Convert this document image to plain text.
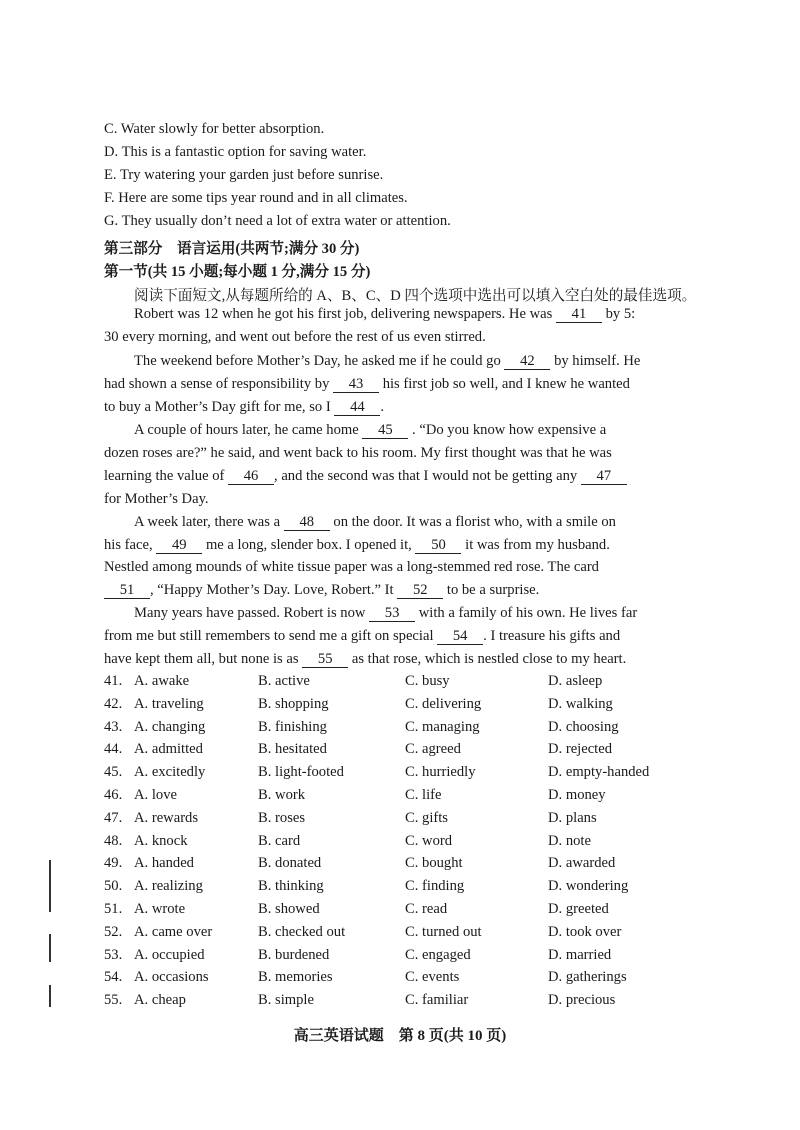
C. Water slowly for better absorption.
D. This is a fantastic option for saving water.
E. Try watering your garden just before sunrise.
F. Here are some tips year round and in all climates.
G. They usually don’t need a lot of extra water or attention.
第三部分　语言运用(共两节;满分 30 分)
第一节(共 15 小题;每小题 1 分,满分 15 分)
阅读下面短文,从每题所给的 A、B、C、D 四个选项中选出可以填入空白处的最佳选项。
Robert was 12 when he got his first job, delivering newspapers. He was 41 by 5:
30 every morning, and went out before the rest of us even stirred.
The weekend before Mother’s Day, he asked me if he could go 42 by himself. He
had shown a sense of responsibility by 43 his first job so well, and I knew he wanted
to buy a Mother’s Day gift for me, so I 44 .
A couple of hours later, he came home 45 . “Do you know how expensive a
dozen roses are?” he said, and went back to his room. My first thought was that he was
learning the value of 46 , and the second was that I would not be getting any 47
for Mother’s Day.
A week later, there was a 48 on the door. It was a florist who, with a smile on
his face, 49 me a long, slender box. I opened it, 50 it was from my husband.
Nestled among mounds of white tissue paper was a long-stemmed red rose. The card
51 , “Happy Mother’s Day. Love, Robert.” It 52 to be a surprise.
Many years have passed. Robert is now 53 with a family of his own. He lives far
from me but still remembers to send me a gift on special 54 . I treasure his gifts and
have kept them all, but none is as 55 as that rose, which is nestled close to my heart.
41. A. awake	B. active	C. busy	D. asleep
42. A. traveling	B. shopping	C. delivering	D. walking
43. A. changing	B. finishing	C. managing	D. choosing
44. A. admitted	B. hesitated	C. agreed	D. rejected
45. A. excitedly	B. light-footed	C. hurriedly	D. empty-handed
46. A. love	B. work	C. life	D. money
47. A. rewards	B. roses	C. gifts	D. plans
48. A. knock	B. card	C. word	D. note
49. A. handed	B. donated	C. bought	D. awarded
50. A. realizing	B. thinking	C. finding	D. wondering
51. A. wrote	B. showed	C. read	D. greeted
52. A. came over	B. checked out	C. turned out	D. took over
53. A. occupied	B. burdened	C. engaged	D. married
54. A. occasions	B. memories	C. events	D. gatherings
55. A. cheap	B. simple	C. familiar	D. precious
高三英语试题　第 8 页(共 10 页)
